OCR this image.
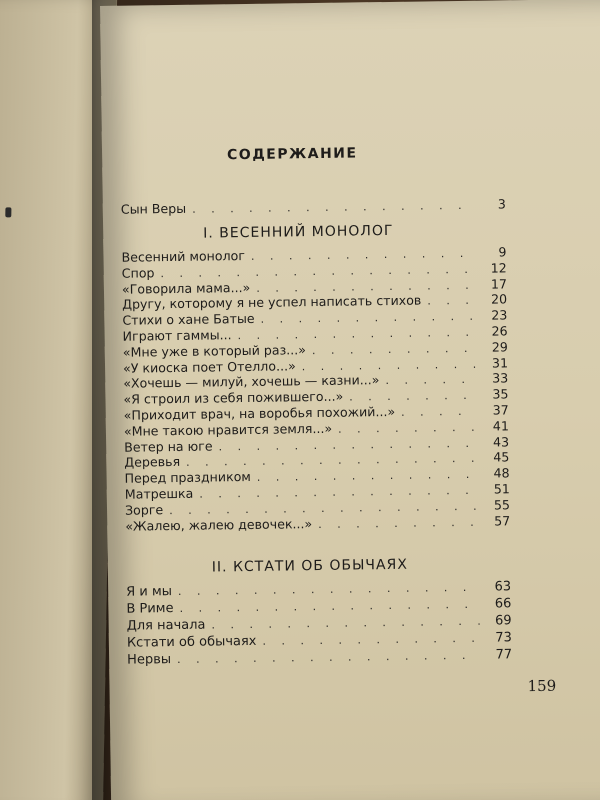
СОДЕРЖАНИЕ
Сын Веры . . .	3
I. ВЕСЕННИЙ МОНОЛОГ
Весенний монолог . . .	9
Спор . . .	12
«Говорила мама...» . . .	17
Другу, которому я не успел написать стихов . . .	20
Стихи о хане Батые . . .	23
Играют гаммы... . . .	26
«Мне уже в который раз...» . . .	29
«У киоска поет Отелло...» . . .	31
«Хочешь — милуй, хочешь — казни...» . . .	33
«Я строил из себя пожившего...» . . .	35
«Приходит врач, на воробья похожий...» . . .	37
«Мне такою нравится земля...» . . .	41
Ветер на юге . . .	43
Деревья . . .	45
Перед праздником . . .	48
Матрешка . . .	51
Зорге . . .	55
«Жалею, жалею девочек...» . . .	57
II. КСТАТИ ОБ ОБЫЧАЯХ
Я и мы . . .	63
В Риме . . .	66
Для начала . . .	69
Кстати об обычаях . . .	73
Нервы . . .	77
159
